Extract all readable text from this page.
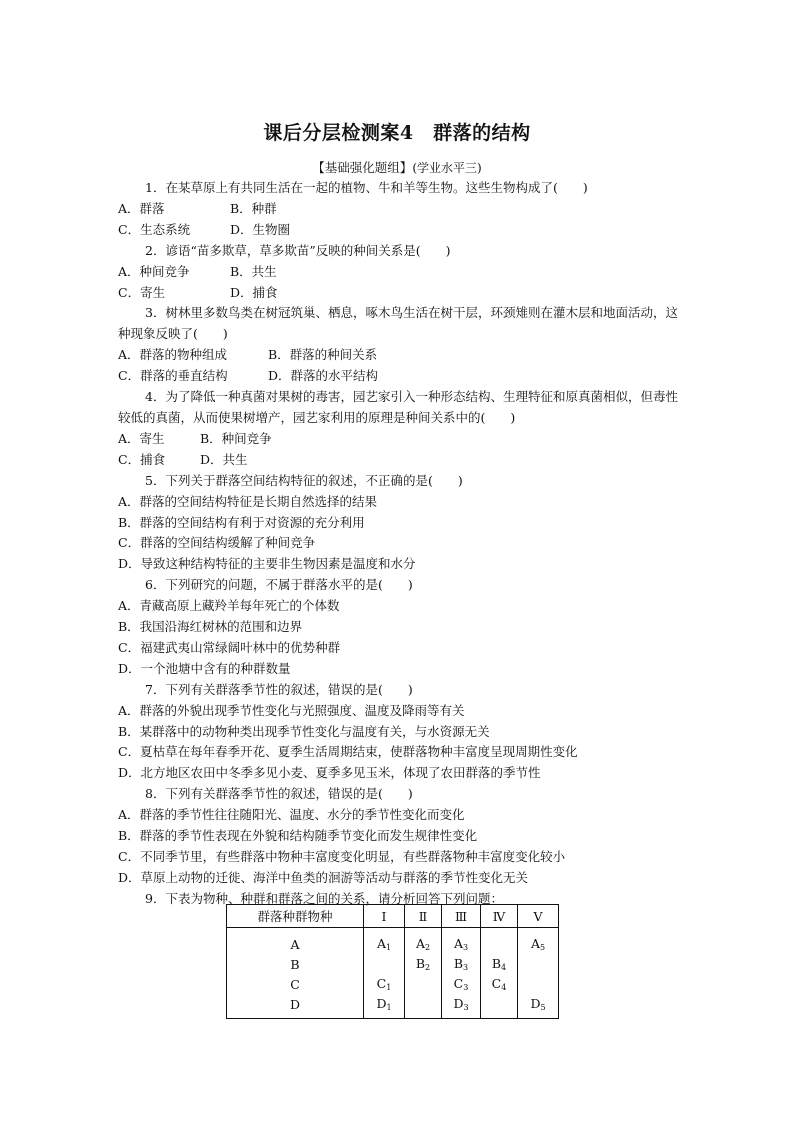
课后分层检测案4　群落的结构
【基础强化题组】(学业水平三)
1．在某草原上有共同生活在一起的植物、牛和羊等生物。这些生物构成了(　　)
A．群落	B．种群
C．生态系统	D．生物圈
2．谚语“苗多欺草，草多欺苗”反映的种间关系是(　　)
A．种间竞争	B．共生
C．寄生	D．捕食
3．树林里多数鸟类在树冠筑巢、栖息，啄木鸟生活在树干层，环颈雉则在灌木层和地面活动，这种现象反映了(　　)
A．群落的物种组成	B．群落的种间关系
C．群落的垂直结构	D．群落的水平结构
4．为了降低一种真菌对果树的毒害，园艺家引入一种形态结构、生理特征和原真菌相似，但毒性较低的真菌，从而使果树增产，园艺家利用的原理是种间关系中的(　　)
A．寄生	B．种间竞争
C．捕食	D．共生
5．下列关于群落空间结构特征的叙述，不正确的是(　　)
A．群落的空间结构特征是长期自然选择的结果
B．群落的空间结构有利于对资源的充分利用
C．群落的空间结构缓解了种间竞争
D．导致这种结构特征的主要非生物因素是温度和水分
6．下列研究的问题，不属于群落水平的是(　　)
A．青藏高原上藏羚羊每年死亡的个体数
B．我国沿海红树林的范围和边界
C．福建武夷山常绿阔叶林中的优势种群
D．一个池塘中含有的种群数量
7．下列有关群落季节性的叙述，错误的是(　　)
A．群落的外貌出现季节性变化与光照强度、温度及降雨等有关
B．某群落中的动物种类出现季节性变化与温度有关，与水资源无关
C．夏枯草在每年春季开花、夏季生活周期结束，使群落物种丰富度呈现周期性变化
D．北方地区农田中冬季多见小麦、夏季多见玉米，体现了农田群落的季节性
8．下列有关群落季节性的叙述，错误的是(　　)
A．群落的季节性往往随阳光、温度、水分的季节性变化而变化
B．群落的季节性表现在外貌和结构随季节变化而发生规律性变化
C．不同季节里，有些群落中物种丰富度变化明显，有些群落物种丰富度变化较小
D．草原上动物的迁徙、海洋中鱼类的洄游等活动与群落的季节性变化无关
9．下表为物种、种群和群落之间的关系，请分析回答下列问题：
群落种群物种	Ⅰ	Ⅱ	Ⅲ	Ⅳ	Ⅴ
A	$A_1$	$A_2$	$A_3$		$A_5$
B		$B_2$	$B_3$	$B_4$	
C	$C_1$		$C_3$	$C_4$	
D	$D_1$		$D_3$		$D_5$
